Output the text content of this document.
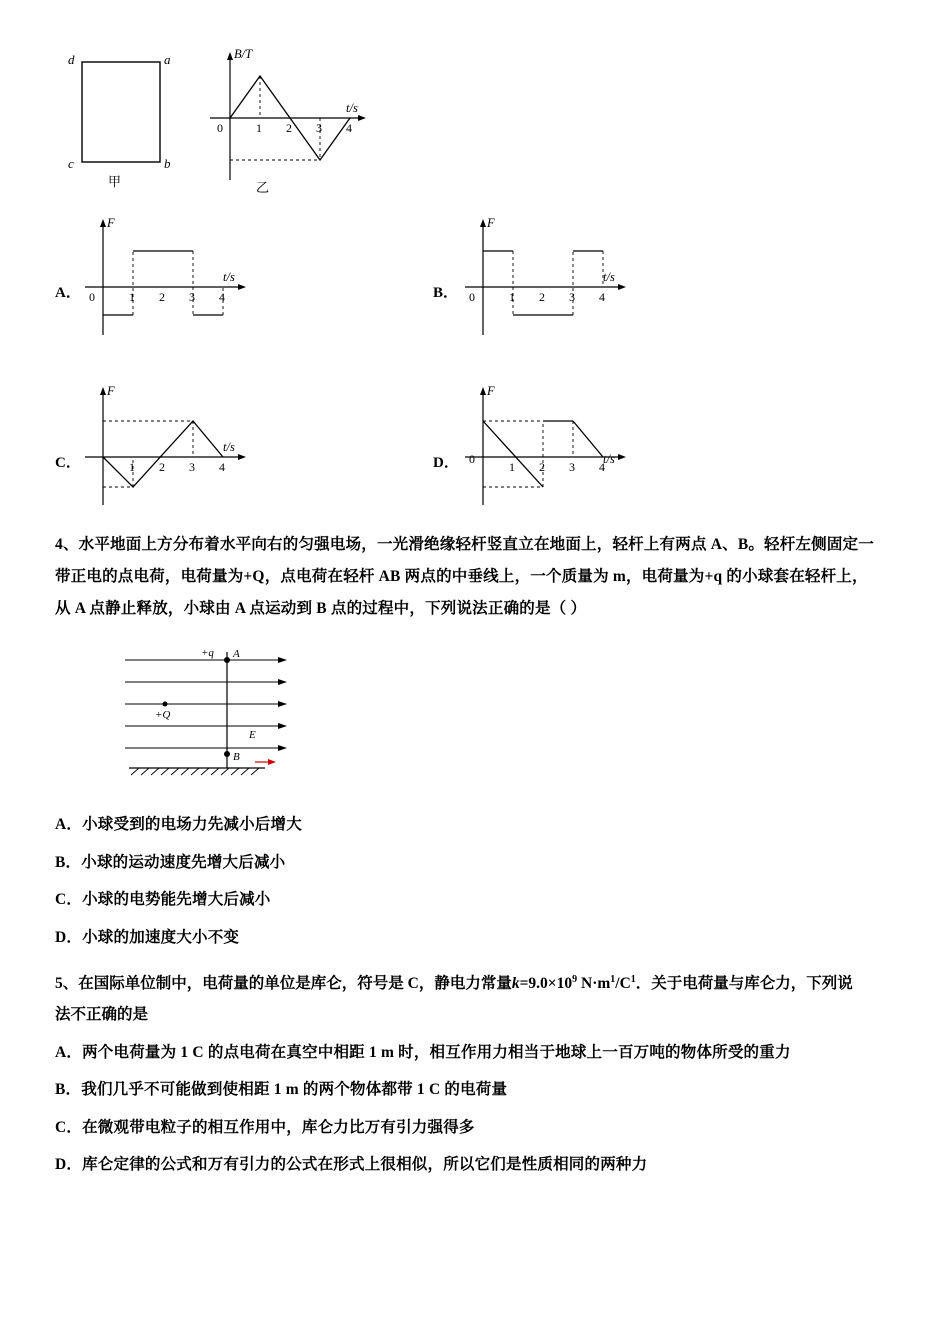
d	a
c	b
甲
B/T
t/s
0	1 2 3 4
乙
A．
F
t/s
0	1 2 3 4	B．
F
t/s
0	1 2 3 4
C．
F
t/s
1 2 3 4	D．
F
t/s
0
1 2 3 4
4、水平地面上方分布着水平向右的匀强电场，一光滑绝缘轻杆竖直立在地面上，轻杆上有两点 A、B。轻杆左侧固定一
带正电的点电荷，电荷量为+Q，点电荷在轻杆 AB 两点的中垂线上，一个质量为 m，电荷量为+q 的小球套在轻杆上，
从 A 点静止释放，小球由 A 点运动到 B 点的过程中，下列说法正确的是（ ）
+q A
+Q
E
B
A．小球受到的电场力先减小后增大
B．小球的运动速度先增大后减小
C．小球的电势能先增大后减小
D．小球的加速度大小不变
5、在国际单位制中，电荷量的单位是库仑，符号是 C，静电力常量$k=9.0\times 10^9$ $N\cdot m^1/C^1$．关于电荷量与库仑力，下列说
法不正确的是
A．两个电荷量为 1 C 的点电荷在真空中相距 1 m 时，相互作用力相当于地球上一百万吨的物体所受的重力
B．我们几乎不可能做到使相距 1 m 的两个物体都带 1 C 的电荷量
C．在微观带电粒子的相互作用中，库仑力比万有引力强得多
D．库仑定律的公式和万有引力的公式在形式上很相似，所以它们是性质相同的两种力
